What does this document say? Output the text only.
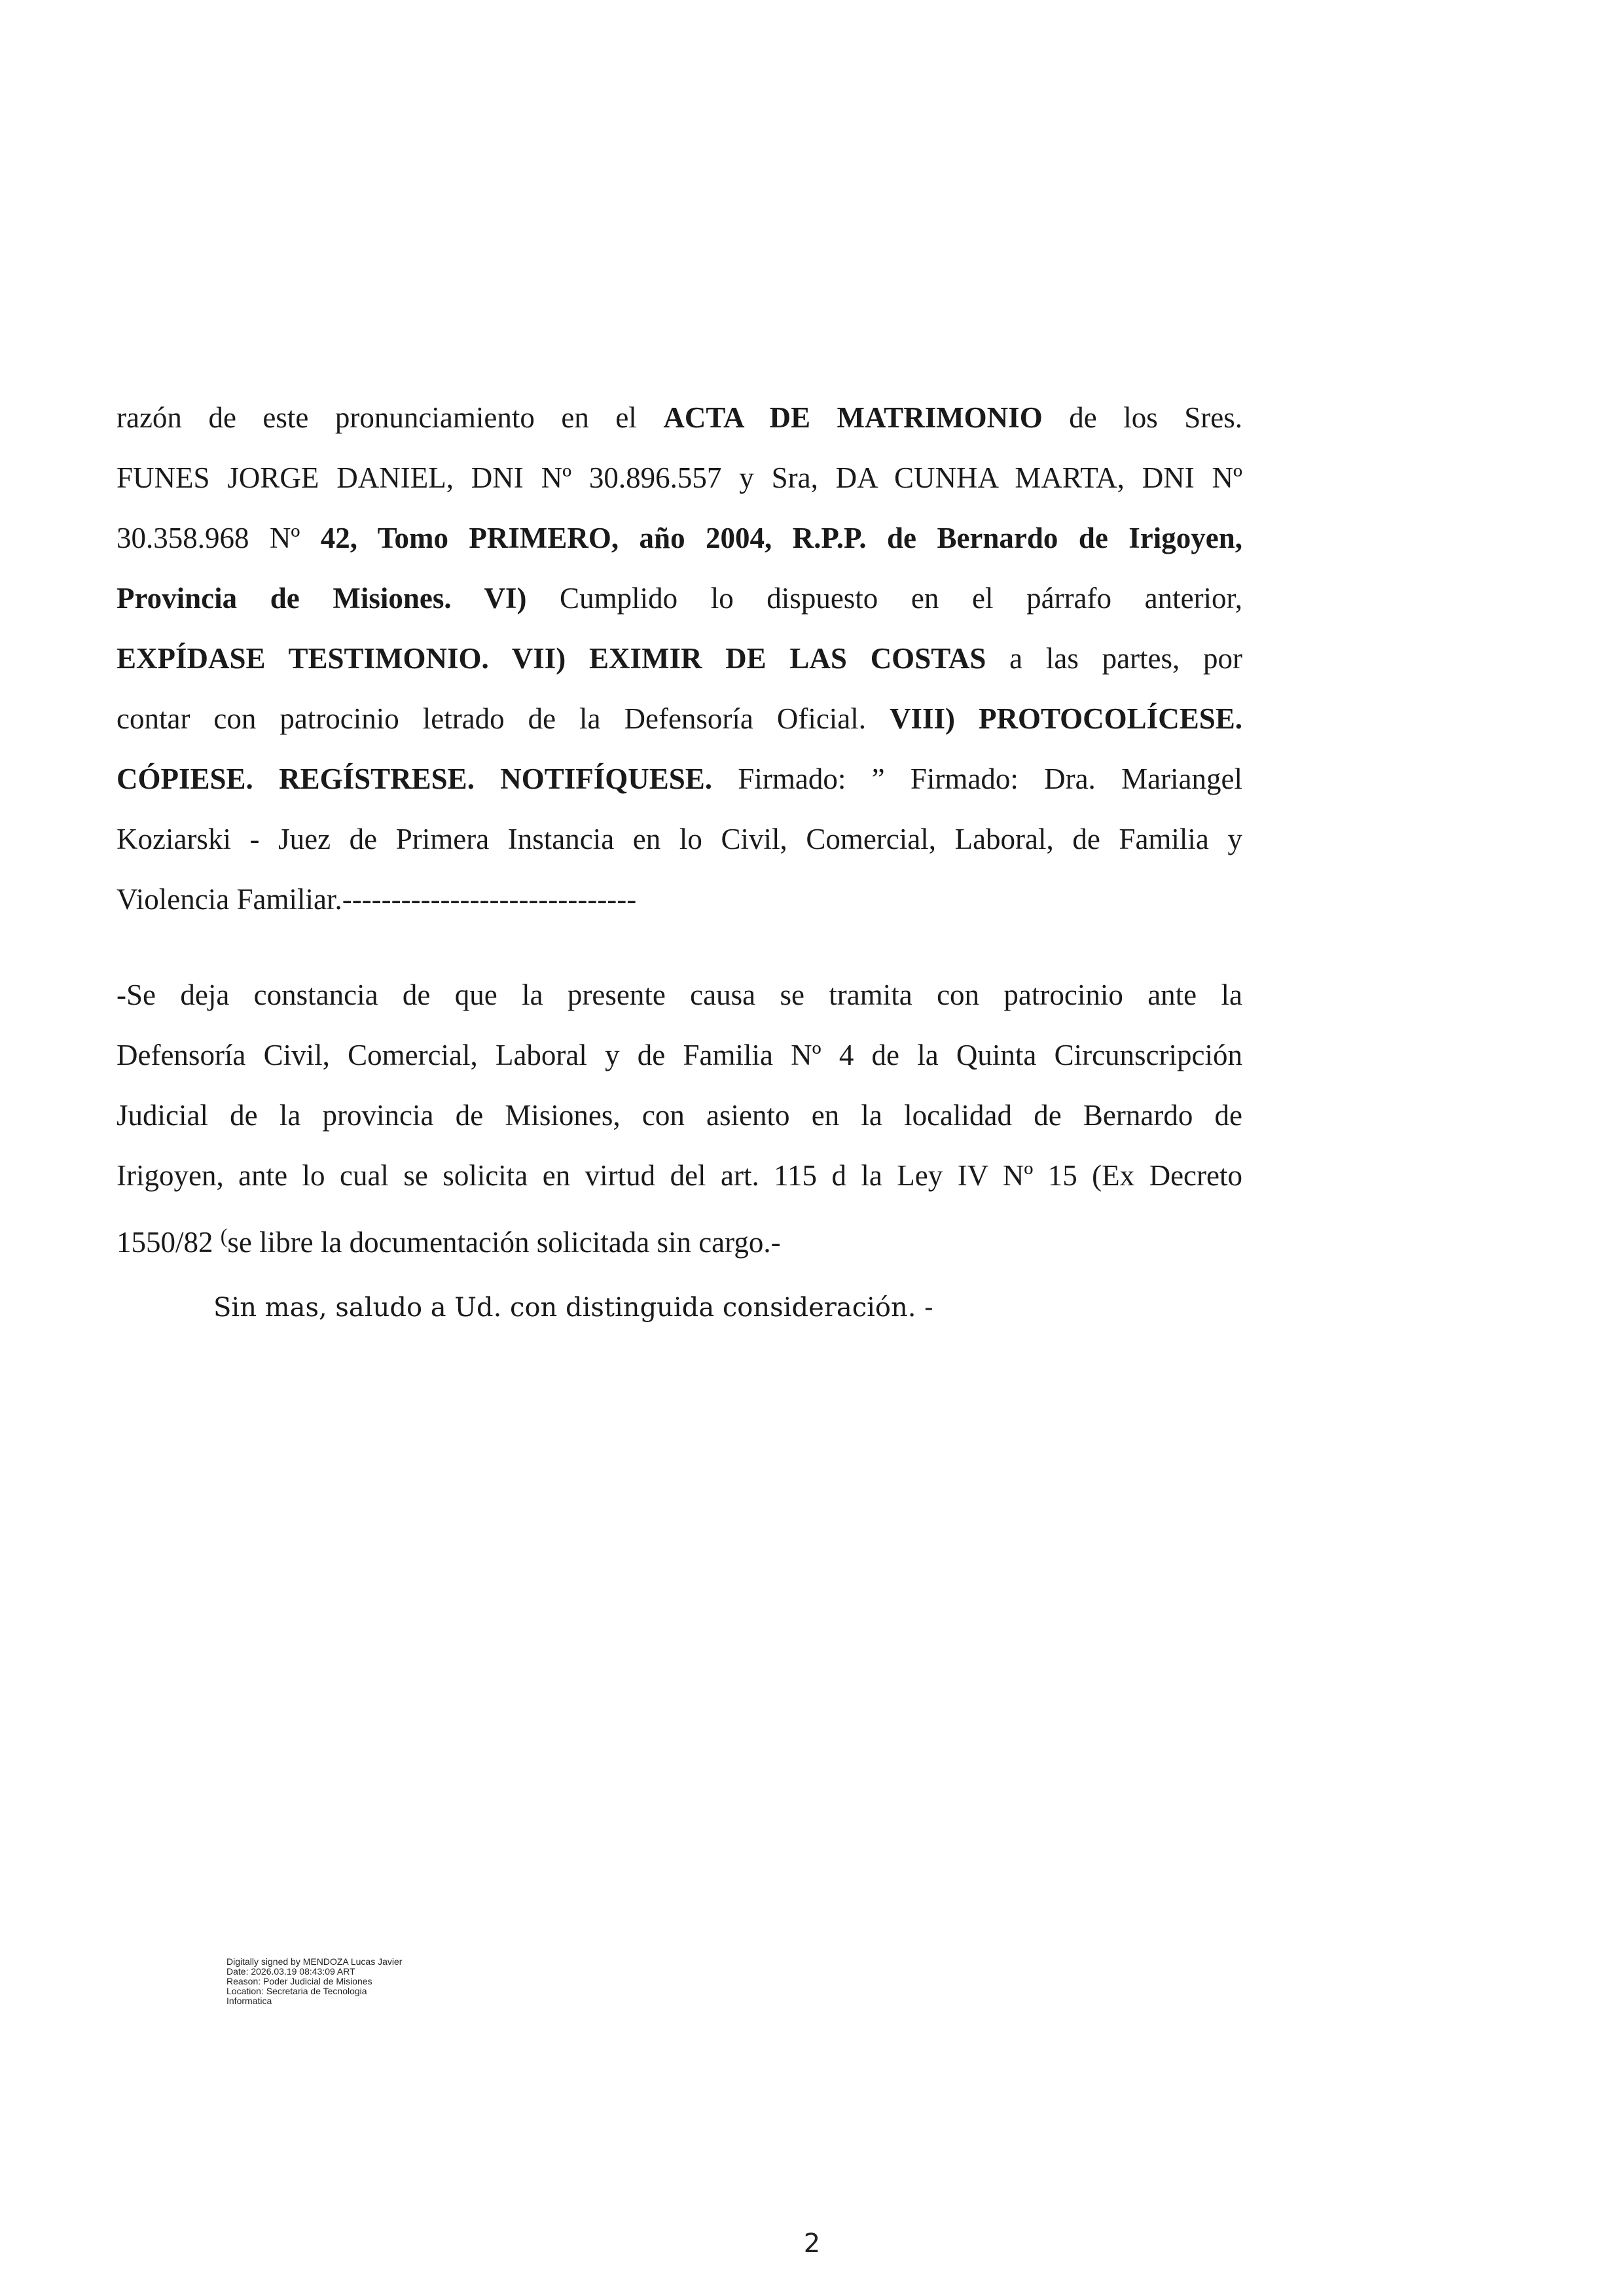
razón de este pronunciamiento en el ACTA DE MATRIMONIO de los Sres.
FUNES JORGE DANIEL, DNI Nº 30.896.557 y Sra, DA CUNHA MARTA, DNI Nº
30.358.968 Nº 42, Tomo PRIMERO, año 2004, R.P.P. de Bernardo de Irigoyen,
Provincia de Misiones. VI) Cumplido lo dispuesto en el párrafo anterior,
EXPÍDASE TESTIMONIO. VII) EXIMIR DE LAS COSTAS a las partes, por
contar con patrocinio letrado de la Defensoría Oficial. VIII) PROTOCOLÍCESE.
CÓPIESE. REGÍSTRESE. NOTIFÍQUESE. Firmado: ” Firmado: Dra. Mariangel
Koziarski - Juez de Primera Instancia en lo Civil, Comercial, Laboral, de Familia y
Violencia Familiar.------------------------------
-Se deja constancia de que la presente causa se tramita con patrocinio ante la
Defensoría Civil, Comercial, Laboral y de Familia Nº 4 de la Quinta Circunscripción
Judicial de la provincia de Misiones, con asiento en la localidad de Bernardo de
Irigoyen, ante lo cual se solicita en virtud del art. 115 d la Ley IV Nº 15 (Ex Decreto
1550/82 (se libre la documentación solicitada sin cargo.-
Sin mas, saludo a Ud. con distinguida consideración. -
Digitally signed by MENDOZA Lucas Javier
Date: 2026.03.19 08:43:09 ART
Reason: Poder Judicial de Misiones
Location: Secretaria de Tecnologia
Informatica
2
